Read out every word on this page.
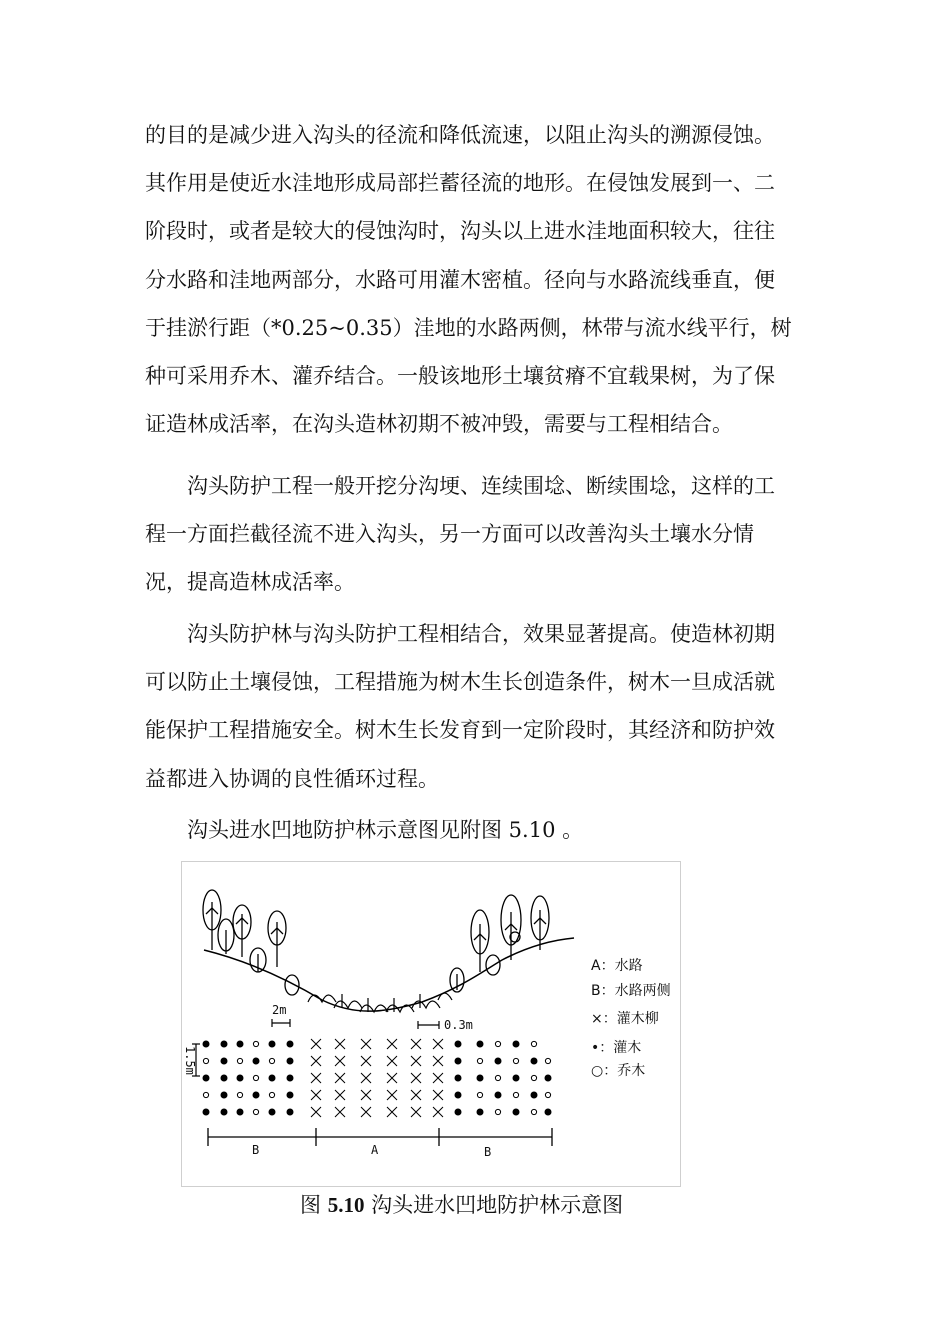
的目的是减少进入沟头的径流和降低流速，以阻止沟头的溯源侵蚀。
其作用是使近水洼地形成局部拦蓄径流的地形。在侵蚀发展到一、二
阶段时，或者是较大的侵蚀沟时，沟头以上进水洼地面积较大，往往
分水路和洼地两部分，水路可用灌木密植。径向与水路流线垂直，便
于挂淤行距（*0.25~0.35）洼地的水路两侧，林带与流水线平行，树
种可采用乔木、灌乔结合。一般该地形土壤贫瘠不宜载果树，为了保
证造林成活率，在沟头造林初期不被冲毁，需要与工程相结合。
　　沟头防护工程一般开挖分沟埂、连续围埝、断续围埝，这样的工
程一方面拦截径流不进入沟头，另一方面可以改善沟头土壤水分情
况，提高造林成活率。
　　沟头防护林与沟头防护工程相结合，效果显著提高。使造林初期
可以防止土壤侵蚀，工程措施为树木生长创造条件，树木一旦成活就
能保护工程措施安全。树木生长发育到一定阶段时，其经济和防护效
益都进入协调的良性循环过程。
　　沟头进水凹地防护林示意图见附图 5.10 。
2m
0.3m
1.5m
B	A	B
A：水路
B：水路两侧
×：灌木柳
•：灌木
○：乔木
图 5.10 沟头进水凹地防护林示意图
